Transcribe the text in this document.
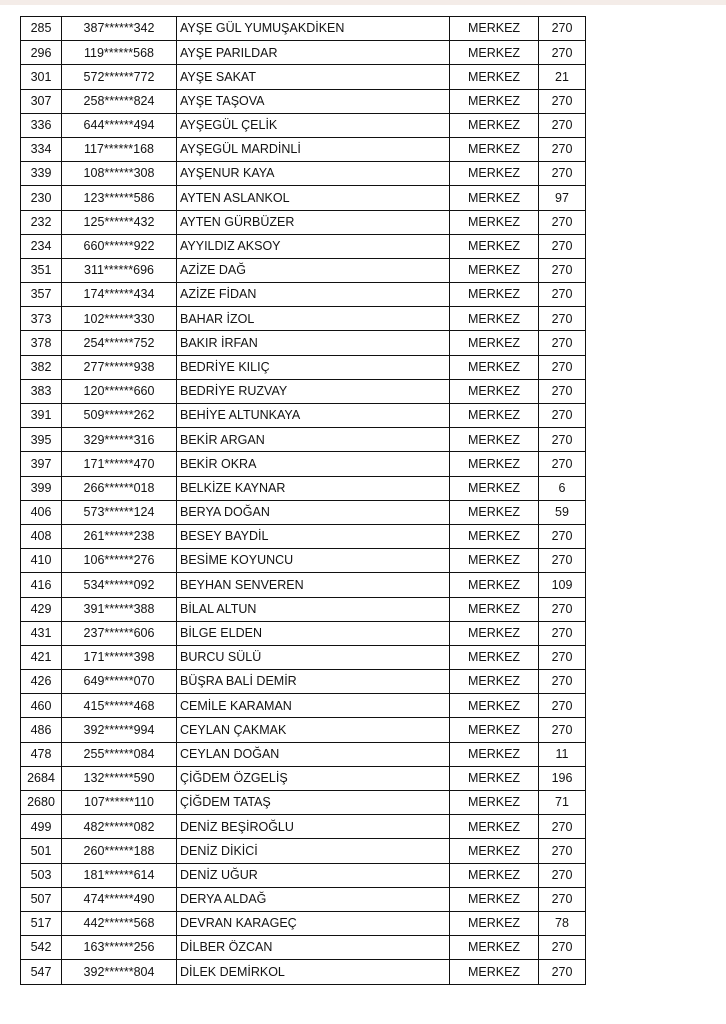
285	387******342	AYŞE GÜL YUMUŞAKDİKEN	MERKEZ	270
296	119******568	AYŞE PARILDAR	MERKEZ	270
301	572******772	AYŞE SAKAT	MERKEZ	21
307	258******824	AYŞE TAŞOVA	MERKEZ	270
336	644******494	AYŞEGÜL ÇELİK	MERKEZ	270
334	117******168	AYŞEGÜL MARDİNLİ	MERKEZ	270
339	108******308	AYŞENUR KAYA	MERKEZ	270
230	123******586	AYTEN ASLANKOL	MERKEZ	97
232	125******432	AYTEN GÜRBÜZER	MERKEZ	270
234	660******922	AYYILDIZ AKSOY	MERKEZ	270
351	311******696	AZİZE DAĞ	MERKEZ	270
357	174******434	AZİZE FİDAN	MERKEZ	270
373	102******330	BAHAR İZOL	MERKEZ	270
378	254******752	BAKIR İRFAN	MERKEZ	270
382	277******938	BEDRİYE KILIÇ	MERKEZ	270
383	120******660	BEDRİYE RUZVAY	MERKEZ	270
391	509******262	BEHİYE ALTUNKAYA	MERKEZ	270
395	329******316	BEKİR ARGAN	MERKEZ	270
397	171******470	BEKİR OKRA	MERKEZ	270
399	266******018	BELKİZE KAYNAR	MERKEZ	6
406	573******124	BERYA DOĞAN	MERKEZ	59
408	261******238	BESEY BAYDİL	MERKEZ	270
410	106******276	BESİME KOYUNCU	MERKEZ	270
416	534******092	BEYHAN SENVEREN	MERKEZ	109
429	391******388	BİLAL ALTUN	MERKEZ	270
431	237******606	BİLGE ELDEN	MERKEZ	270
421	171******398	BURCU SÜLÜ	MERKEZ	270
426	649******070	BÜŞRA BALİ DEMİR	MERKEZ	270
460	415******468	CEMİLE KARAMAN	MERKEZ	270
486	392******994	CEYLAN ÇAKMAK	MERKEZ	270
478	255******084	CEYLAN DOĞAN	MERKEZ	11
2684	132******590	ÇİĞDEM ÖZGELİŞ	MERKEZ	196
2680	107******110	ÇİĞDEM TATAŞ	MERKEZ	71
499	482******082	DENİZ BEŞİROĞLU	MERKEZ	270
501	260******188	DENİZ DİKİCİ	MERKEZ	270
503	181******614	DENİZ UĞUR	MERKEZ	270
507	474******490	DERYA ALDAĞ	MERKEZ	270
517	442******568	DEVRAN KARAGEÇ	MERKEZ	78
542	163******256	DİLBER ÖZCAN	MERKEZ	270
547	392******804	DİLEK DEMİRKOL	MERKEZ	270
